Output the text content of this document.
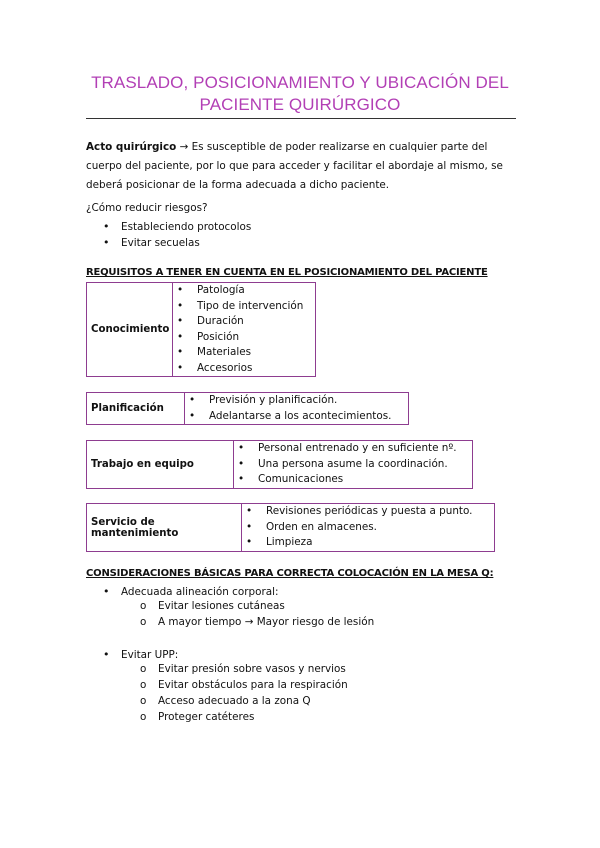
TRASLADO, POSICIONAMIENTO Y UBICACIÓN DEL
PACIENTE QUIRÚRGICO
Acto quirúrgico → Es susceptible de poder realizarse en cualquier parte del cuerpo del paciente, por lo que para acceder y facilitar el abordaje al mismo, se deberá posicionar de la forma adecuada a dicho paciente.
¿Cómo reducir riesgos?
• Estableciendo protocolos
• Evitar secuelas
REQUISITOS A TENER EN CUENTA EN EL POSICIONAMIENTO DEL PACIENTE
Conocimiento
• Patología
• Tipo de intervención
• Duración
• Posición
• Materiales
• Accesorios
Planificación
• Previsión y planificación.
• Adelantarse a los acontecimientos.
Trabajo en equipo
• Personal entrenado y en suficiente nº.
• Una persona asume la coordinación.
• Comunicaciones
Servicio de mantenimiento
• Revisiones periódicas y puesta a punto.
• Orden en almacenes.
• Limpieza
CONSIDERACIONES BÁSICAS PARA CORRECTA COLOCACIÓN EN LA MESA Q:
• Adecuada alineación corporal:
o Evitar lesiones cutáneas
o A mayor tiempo → Mayor riesgo de lesión
• Evitar UPP:
o Evitar presión sobre vasos y nervios
o Evitar obstáculos para la respiración
o Acceso adecuado a la zona Q
o Proteger catéteres
